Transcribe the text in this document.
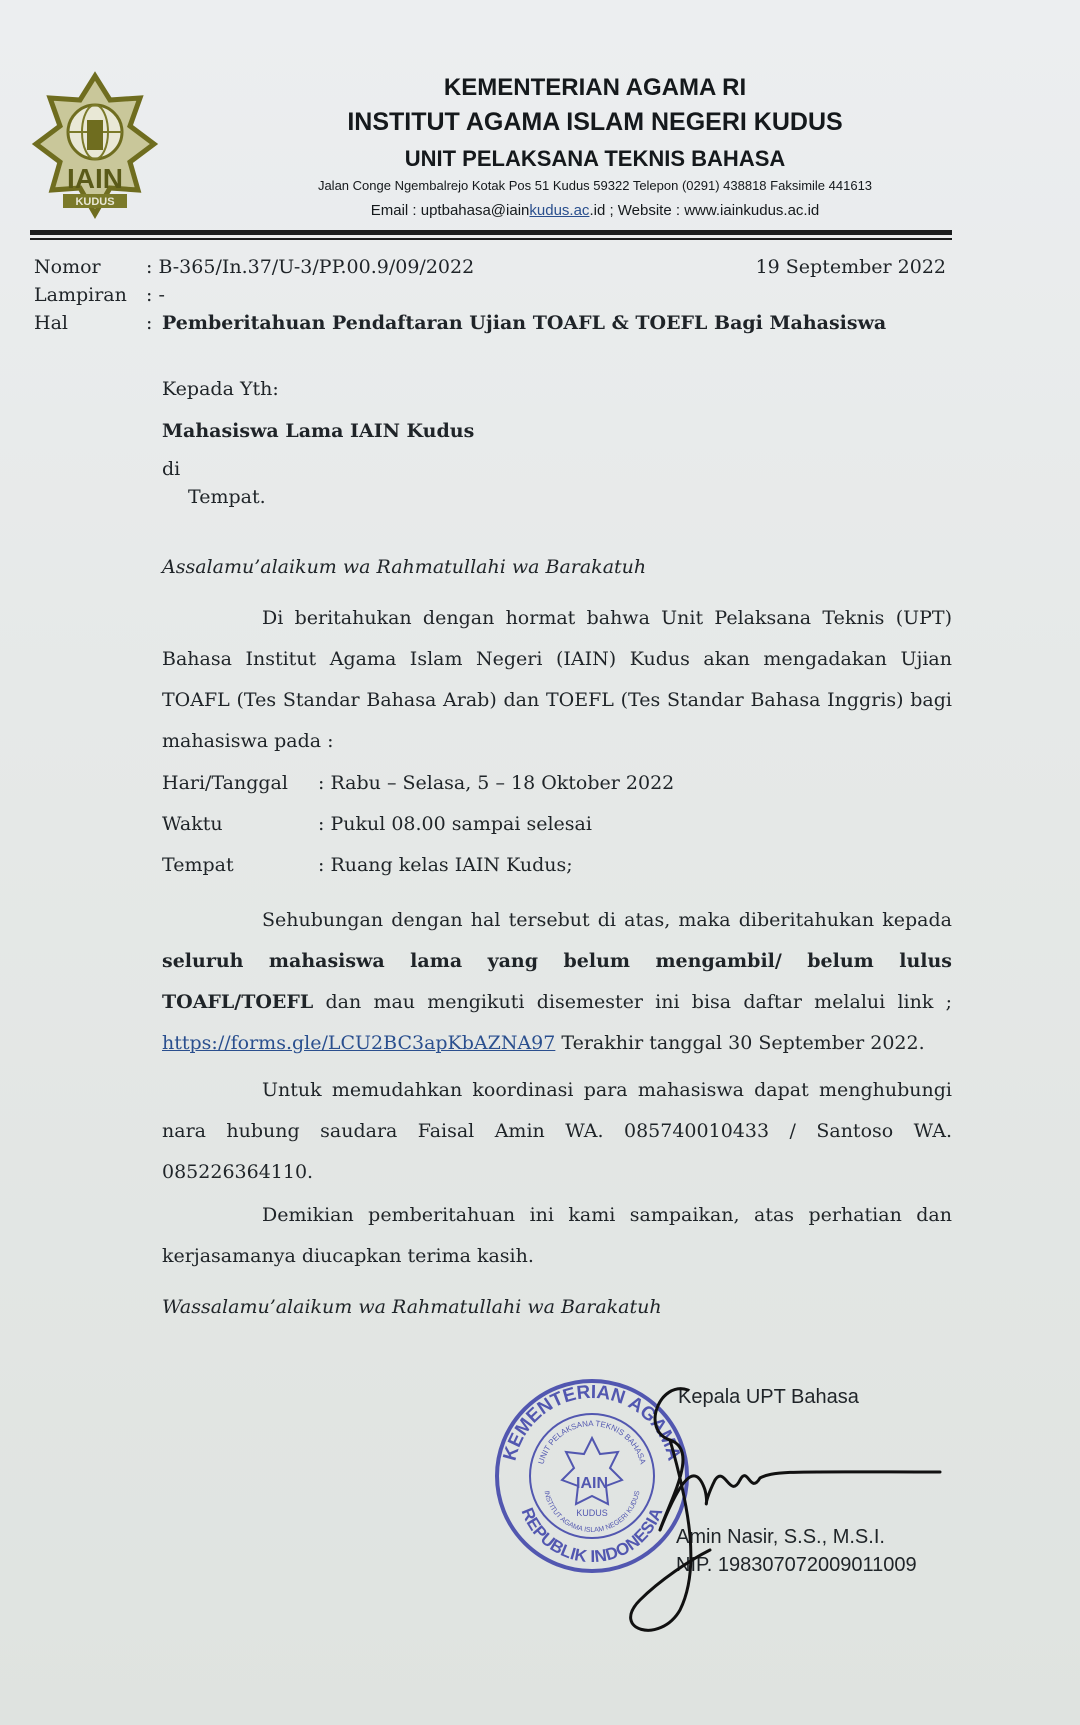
IAIN
KUDUS
KEMENTERIAN AGAMA RI
INSTITUT AGAMA ISLAM NEGERI KUDUS
UNIT PELAKSANA TEKNIS BAHASA
Jalan Conge Ngembalrejo Kotak Pos 51 Kudus 59322 Telepon (0291) 438818 Faksimile 441613
Email : uptbahasa@iainkudus.ac.id ; Website : www.iainkudus.ac.id
Nomor : B-365/In.37/U-3/PP.00.9/09/2022	19 September 2022
Lampiran : -
Hal	: Pemberitahuan Pendaftaran Ujian TOAFL & TOEFL Bagi Mahasiswa
Kepada Yth:
Mahasiswa Lama IAIN Kudus
di
Tempat.
Assalamu’alaikum wa Rahmatullahi wa Barakatuh
Di beritahukan dengan hormat bahwa Unit Pelaksana Teknis (UPT) Bahasa Institut Agama Islam Negeri (IAIN) Kudus akan mengadakan Ujian TOAFL (Tes Standar Bahasa Arab) dan TOEFL (Tes Standar Bahasa Inggris) bagi mahasiswa pada :
Hari/Tanggal : Rabu – Selasa, 5 – 18 Oktober 2022
Waktu	: Pukul 08.00 sampai selesai
Tempat	: Ruang kelas IAIN Kudus;
Sehubungan dengan hal tersebut di atas, maka diberitahukan kepada seluruh mahasiswa lama yang belum mengambil/ belum lulus TOAFL/TOEFL dan mau mengikuti disemester ini bisa daftar melalui link ; https://forms.gle/LCU2BC3apKbAZNA97 Terakhir tanggal 30 September 2022.
Untuk memudahkan koordinasi para mahasiswa dapat menghubungi nara hubung saudara Faisal Amin WA. 085740010433 / Santoso WA. 085226364110.
Demikian pemberitahuan ini kami sampaikan, atas perhatian dan kerjasamanya diucapkan terima kasih.
Wassalamu’alaikum wa Rahmatullahi wa Barakatuh
Kepala UPT Bahasa
Amin Nasir, S.S., M.S.I.
NIP. 198307072009011009
KEMENTERIAN AGAMA
REPUBLIK INDONESIA
UNIT PELAKSANA TEKNIS BAHASA
INSTITUT AGAMA ISLAM NEGERI KUDUS
IAIN
KUDUS
